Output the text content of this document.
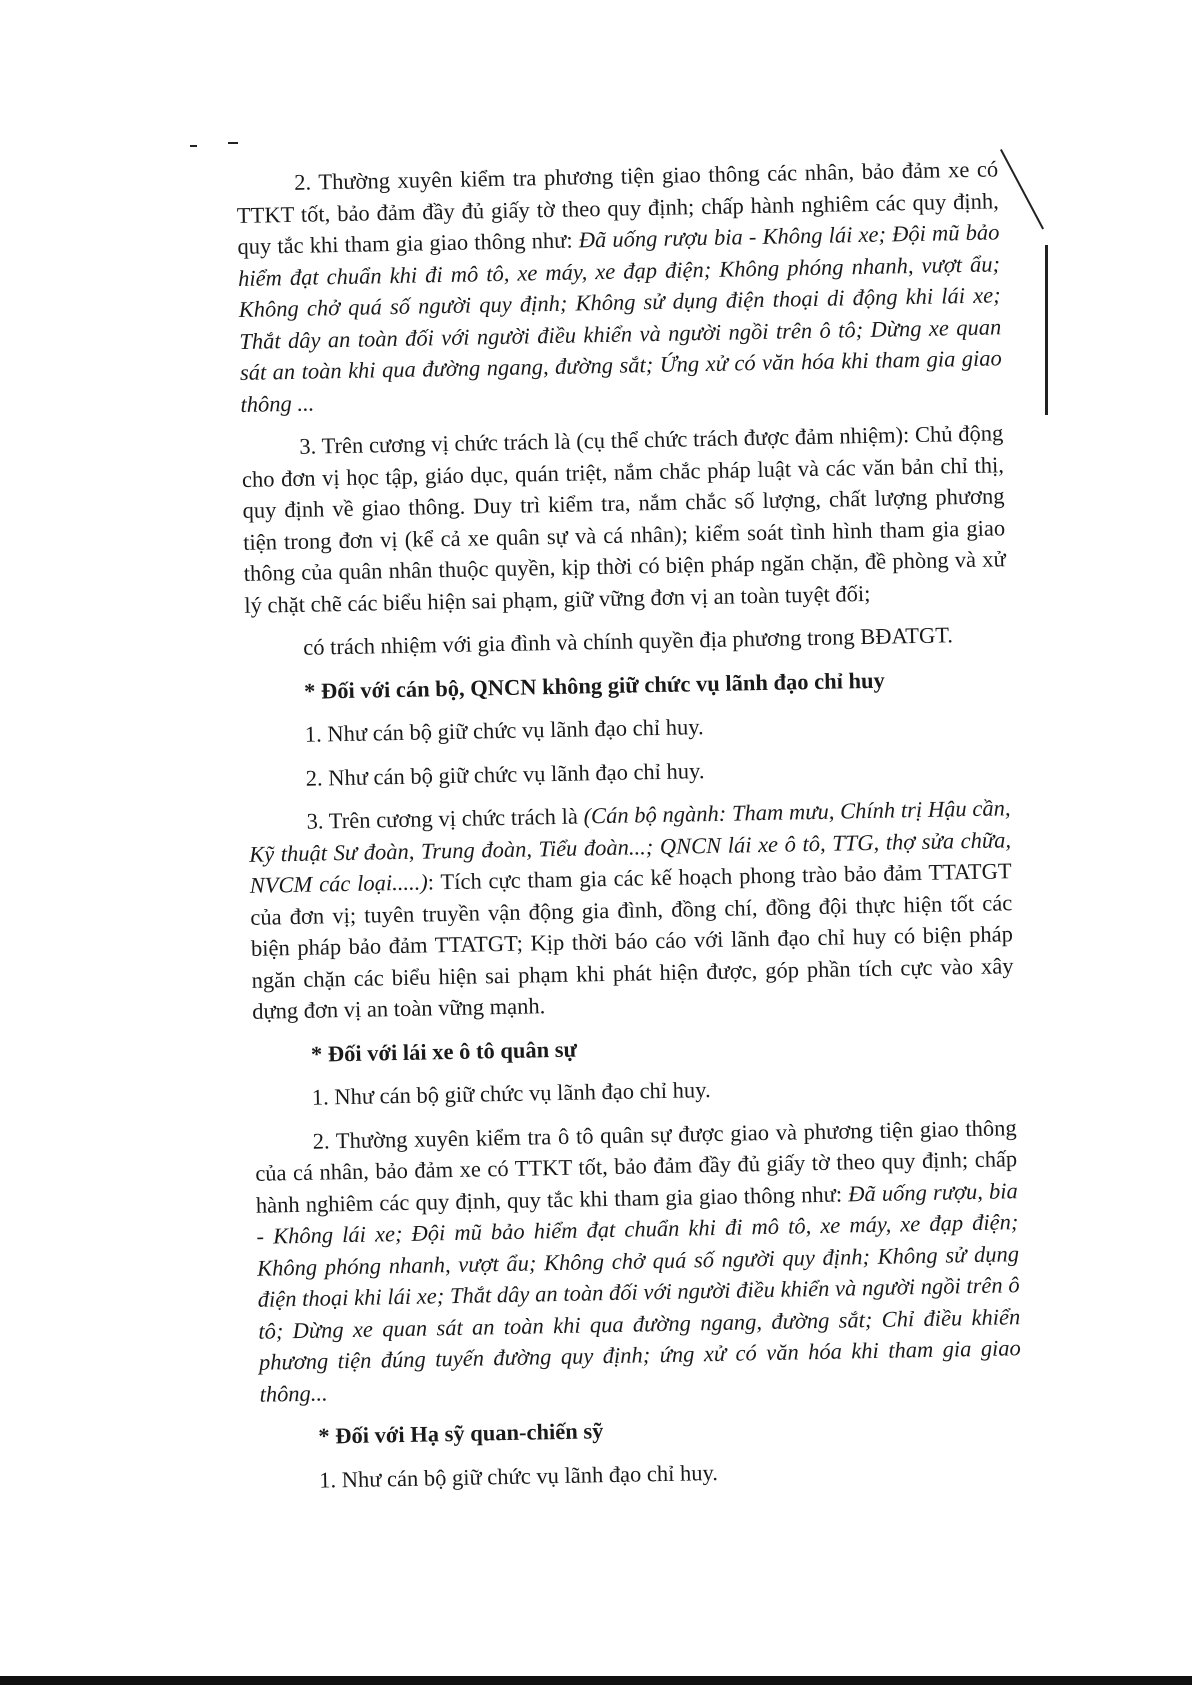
2. Thường xuyên kiểm tra phương tiện giao thông các nhân, bảo đảm xe có TTKT tốt, bảo đảm đầy đủ giấy tờ theo quy định; chấp hành nghiêm các quy định, quy tắc khi tham gia giao thông như: Đã uống rượu bia - Không lái xe; Đội mũ bảo hiểm đạt chuẩn khi đi mô tô, xe máy, xe đạp điện; Không phóng nhanh, vượt ẩu; Không chở quá số người quy định; Không sử dụng điện thoại di động khi lái xe; Thắt dây an toàn đối với người điều khiển và người ngồi trên ô tô; Dừng xe quan sát an toàn khi qua đường ngang, đường sắt; Ứng xử có văn hóa khi tham gia giao thông ...

3. Trên cương vị chức trách là (cụ thể chức trách được đảm nhiệm): Chủ động cho đơn vị học tập, giáo dục, quán triệt, nắm chắc pháp luật và các văn bản chỉ thị, quy định về giao thông. Duy trì kiểm tra, nắm chắc số lượng, chất lượng phương tiện trong đơn vị (kể cả xe quân sự và cá nhân); kiểm soát tình hình tham gia giao thông của quân nhân thuộc quyền, kịp thời có biện pháp ngăn chặn, đề phòng và xử lý chặt chẽ các biểu hiện sai phạm, giữ vững đơn vị an toàn tuyệt đối;

có trách nhiệm với gia đình và chính quyền địa phương trong BĐATGT.

* Đối với cán bộ, QNCN không giữ chức vụ lãnh đạo chỉ huy

1. Như cán bộ giữ chức vụ lãnh đạo chỉ huy.

2. Như cán bộ giữ chức vụ lãnh đạo chỉ huy.

3. Trên cương vị chức trách là (Cán bộ ngành: Tham mưu, Chính trị Hậu cần, Kỹ thuật Sư đoàn, Trung đoàn, Tiểu đoàn...; QNCN lái xe ô tô, TTG, thợ sửa chữa, NVCM các loại.....): Tích cực tham gia các kế hoạch phong trào bảo đảm TTATGT của đơn vị; tuyên truyền vận động gia đình, đồng chí, đồng đội thực hiện tốt các biện pháp bảo đảm TTATGT; Kịp thời báo cáo với lãnh đạo chỉ huy có biện pháp ngăn chặn các biểu hiện sai phạm khi phát hiện được, góp phần tích cực vào xây dựng đơn vị an toàn vững mạnh.

* Đối với lái xe ô tô quân sự

1. Như cán bộ giữ chức vụ lãnh đạo chỉ huy.

2. Thường xuyên kiểm tra ô tô quân sự được giao và phương tiện giao thông của cá nhân, bảo đảm xe có TTKT tốt, bảo đảm đầy đủ giấy tờ theo quy định; chấp hành nghiêm các quy định, quy tắc khi tham gia giao thông như: Đã uống rượu, bia - Không lái xe; Đội mũ bảo hiểm đạt chuẩn khi đi mô tô, xe máy, xe đạp điện; Không phóng nhanh, vượt ẩu; Không chở quá số người quy định; Không sử dụng điện thoại khi lái xe; Thắt dây an toàn đối với người điều khiển và người ngồi trên ô tô; Dừng xe quan sát an toàn khi qua đường ngang, đường sắt; Chỉ điều khiển phương tiện đúng tuyến đường quy định; ứng xử có văn hóa khi tham gia giao thông...

* Đối với Hạ sỹ quan-chiến sỹ

1. Như cán bộ giữ chức vụ lãnh đạo chỉ huy.
